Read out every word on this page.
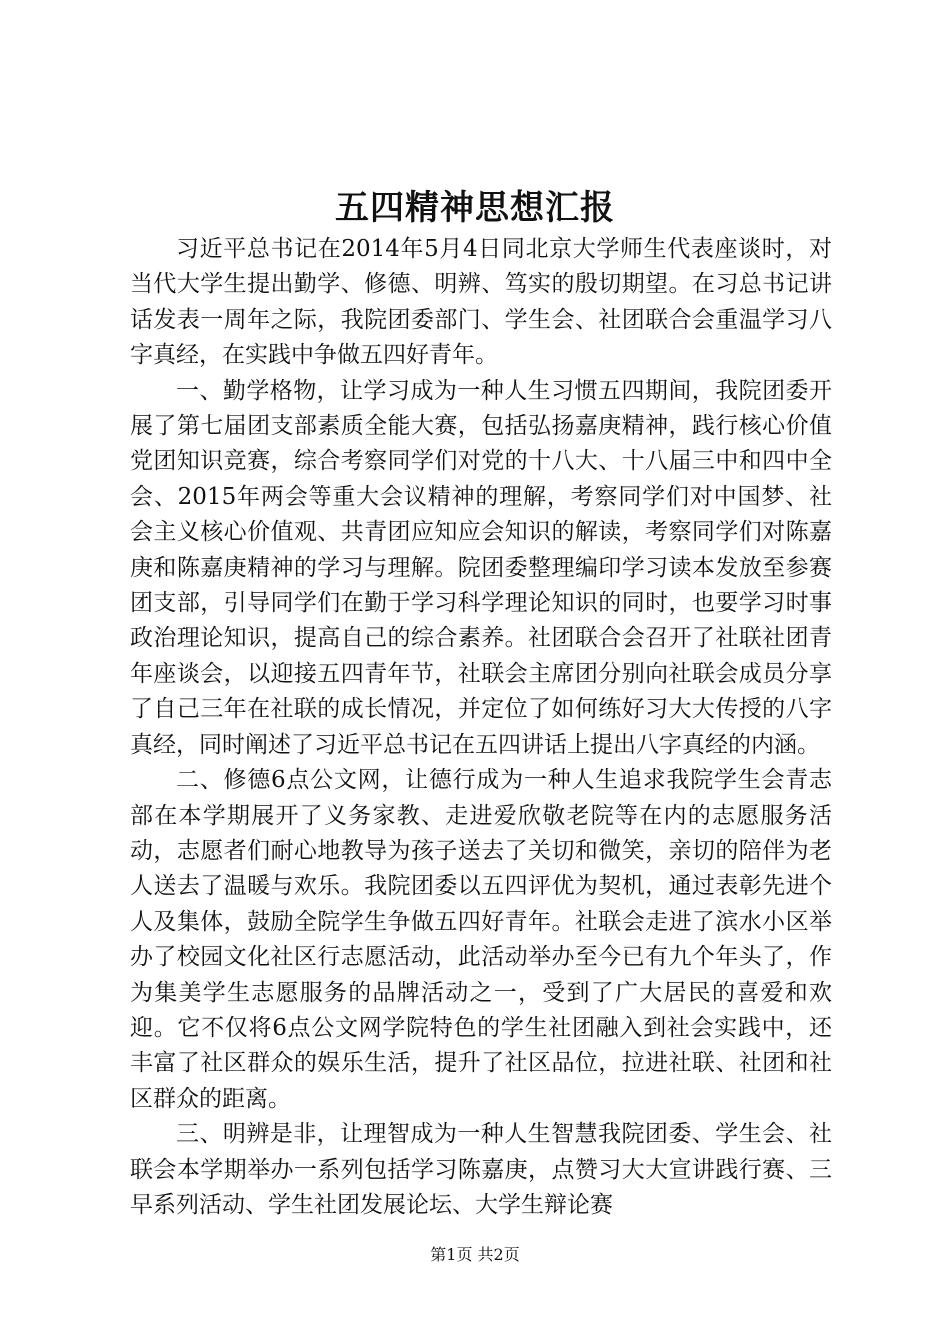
五四精神思想汇报

习近平总书记在2014年5月4日同北京大学师生代表座谈时，对当代大学生提出勤学、修德、明辨、笃实的殷切期望。在习总书记讲话发表一周年之际，我院团委部门、学生会、社团联合会重温学习八字真经，在实践中争做五四好青年。

一、勤学格物，让学习成为一种人生习惯五四期间，我院团委开展了第七届团支部素质全能大赛，包括弘扬嘉庚精神，践行核心价值党团知识竞赛，综合考察同学们对党的十八大、十八届三中和四中全会、2015年两会等重大会议精神的理解，考察同学们对中国梦、社会主义核心价值观、共青团应知应会知识的解读，考察同学们对陈嘉庚和陈嘉庚精神的学习与理解。院团委整理编印学习读本发放至参赛团支部，引导同学们在勤于学习科学理论知识的同时，也要学习时事政治理论知识，提高自己的综合素养。社团联合会召开了社联社团青年座谈会，以迎接五四青年节，社联会主席团分别向社联会成员分享了自己三年在社联的成长情况，并定位了如何练好习大大传授的八字真经，同时阐述了习近平总书记在五四讲话上提出八字真经的内涵。

二、修德6点公文网，让德行成为一种人生追求我院学生会青志部在本学期展开了义务家教、走进爱欣敬老院等在内的志愿服务活动，志愿者们耐心地教导为孩子送去了关切和微笑，亲切的陪伴为老人送去了温暖与欢乐。我院团委以五四评优为契机，通过表彰先进个人及集体，鼓励全院学生争做五四好青年。社联会走进了滨水小区举办了校园文化社区行志愿活动，此活动举办至今已有九个年头了，作为集美学生志愿服务的品牌活动之一，受到了广大居民的喜爱和欢迎。它不仅将6点公文网学院特色的学生社团融入到社会实践中，还丰富了社区群众的娱乐生活，提升了社区品位，拉进社联、社团和社区群众的距离。

三、明辨是非，让理智成为一种人生智慧我院团委、学生会、社联会本学期举办一系列包括学习陈嘉庚，点赞习大大宣讲践行赛、三早系列活动、学生社团发展论坛、大学生辩论赛

第1页 共2页
